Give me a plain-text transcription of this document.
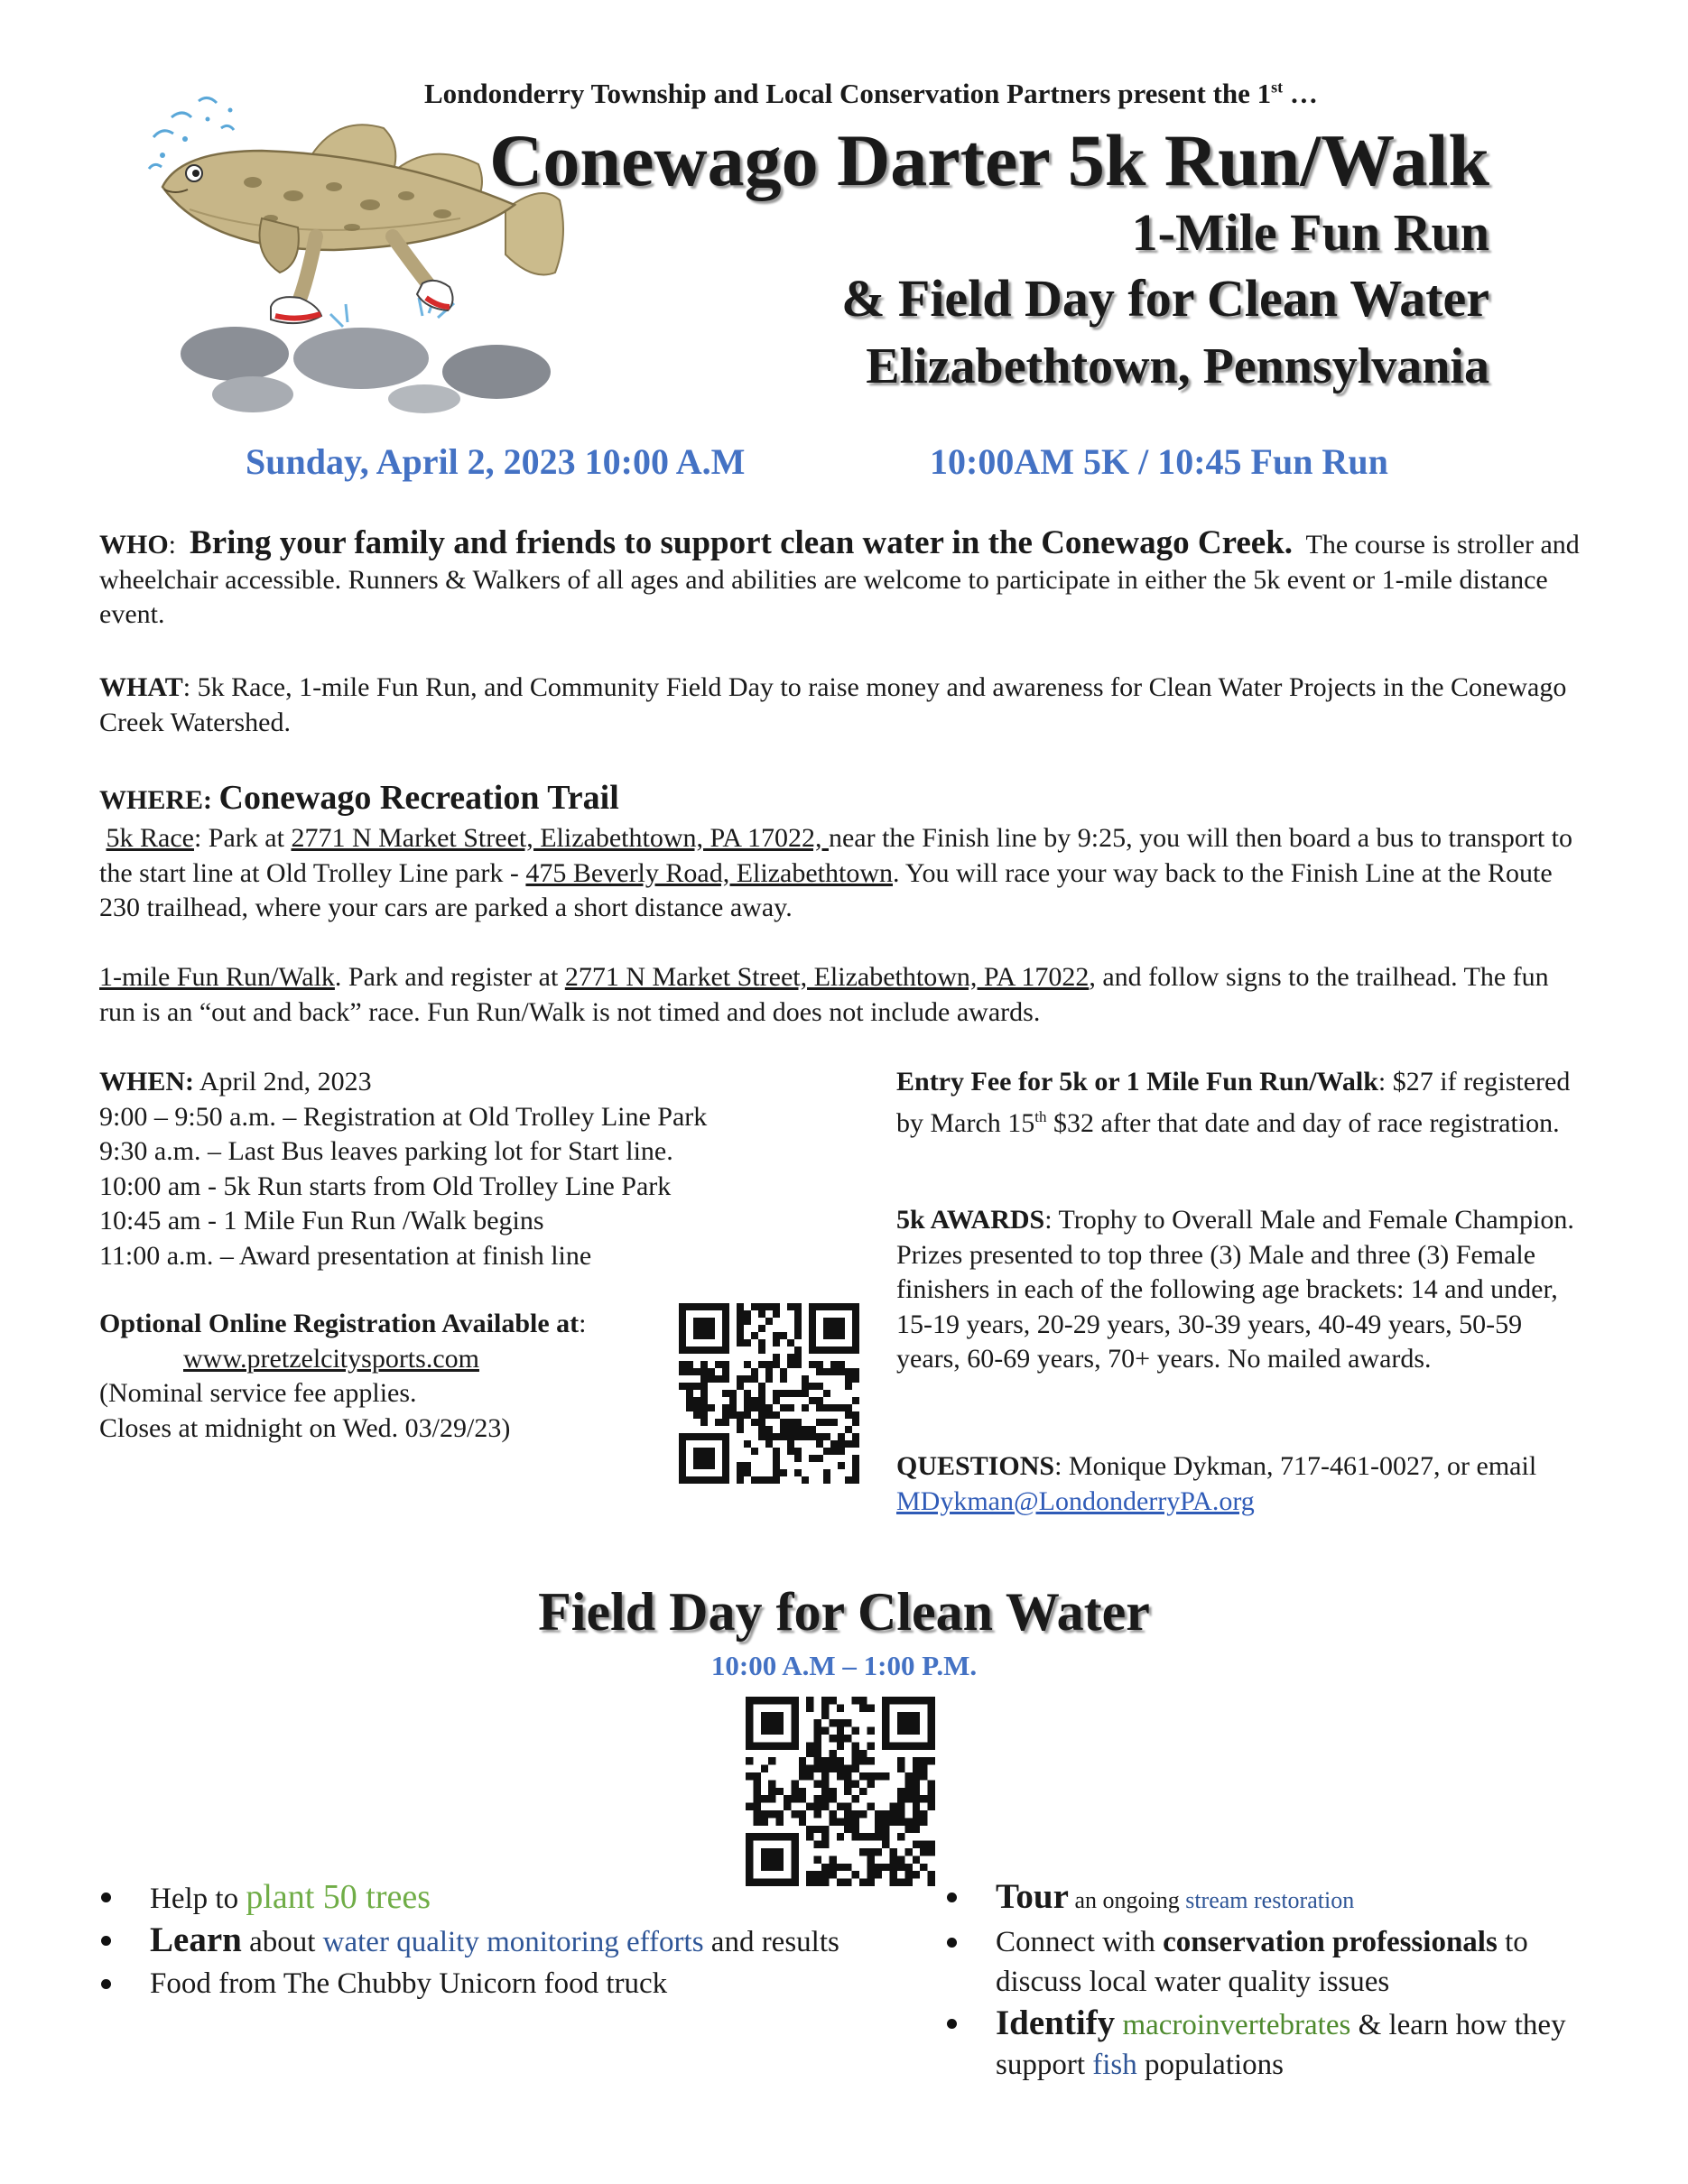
Londonderry Township and Local Conservation Partners present the 1st …
Conewago Darter 5k Run/Walk
1-Mile Fun Run
& Field Day for Clean Water
Elizabethtown, Pennsylvania
Sunday, April 2, 2023 10:00 A.M	10:00AM 5K / 10:45 Fun Run
WHO: Bring your family and friends to support clean water in the Conewago Creek. The course is stroller and wheelchair accessible. Runners & Walkers of all ages and abilities are welcome to participate in either the 5k event or 1-mile distance event.
WHAT: 5k Race, 1-mile Fun Run, and Community Field Day to raise money and awareness for Clean Water Projects in the Conewago Creek Watershed.
WHERE: Conewago Recreation Trail
5k Race: Park at 2771 N Market Street, Elizabethtown, PA 17022, near the Finish line by 9:25, you will then board a bus to transport to the start line at Old Trolley Line park - 475 Beverly Road, Elizabethtown. You will race your way back to the Finish Line at the Route 230 trailhead, where your cars are parked a short distance away.
1-mile Fun Run/Walk. Park and register at 2771 N Market Street, Elizabethtown, PA 17022, and follow signs to the trailhead. The fun run is an “out and back” race. Fun Run/Walk is not timed and does not include awards.
WHEN: April 2nd, 2023
9:00 – 9:50 a.m. – Registration at Old Trolley Line Park
9:30 a.m. – Last Bus leaves parking lot for Start line.
10:00 am - 5k Run starts from Old Trolley Line Park
10:45 am - 1 Mile Fun Run /Walk begins
11:00 a.m. – Award presentation at finish line
Optional Online Registration Available at:
www.pretzelcitysports.com
(Nominal service fee applies.
Closes at midnight on Wed. 03/29/23)
Entry Fee for 5k or 1 Mile Fun Run/Walk: $27 if registered by March 15th $32 after that date and day of race registration.
5k AWARDS: Trophy to Overall Male and Female Champion. Prizes presented to top three (3) Male and three (3) Female finishers in each of the following age brackets: 14 and under, 15-19 years, 20-29 years, 30-39 years, 40-49 years, 50-59 years, 60-69 years, 70+ years. No mailed awards.
QUESTIONS: Monique Dykman, 717-461-0027, or email MDykman@LondonderryPA.org
Field Day for Clean Water
10:00 A.M – 1:00 P.M.
Help to plant 50 trees
Learn about water quality monitoring efforts and results
Food from The Chubby Unicorn food truck
Tour an ongoing stream restoration
Connect with conservation professionals to discuss local water quality issues
Identify macroinvertebrates & learn how they support fish populations
